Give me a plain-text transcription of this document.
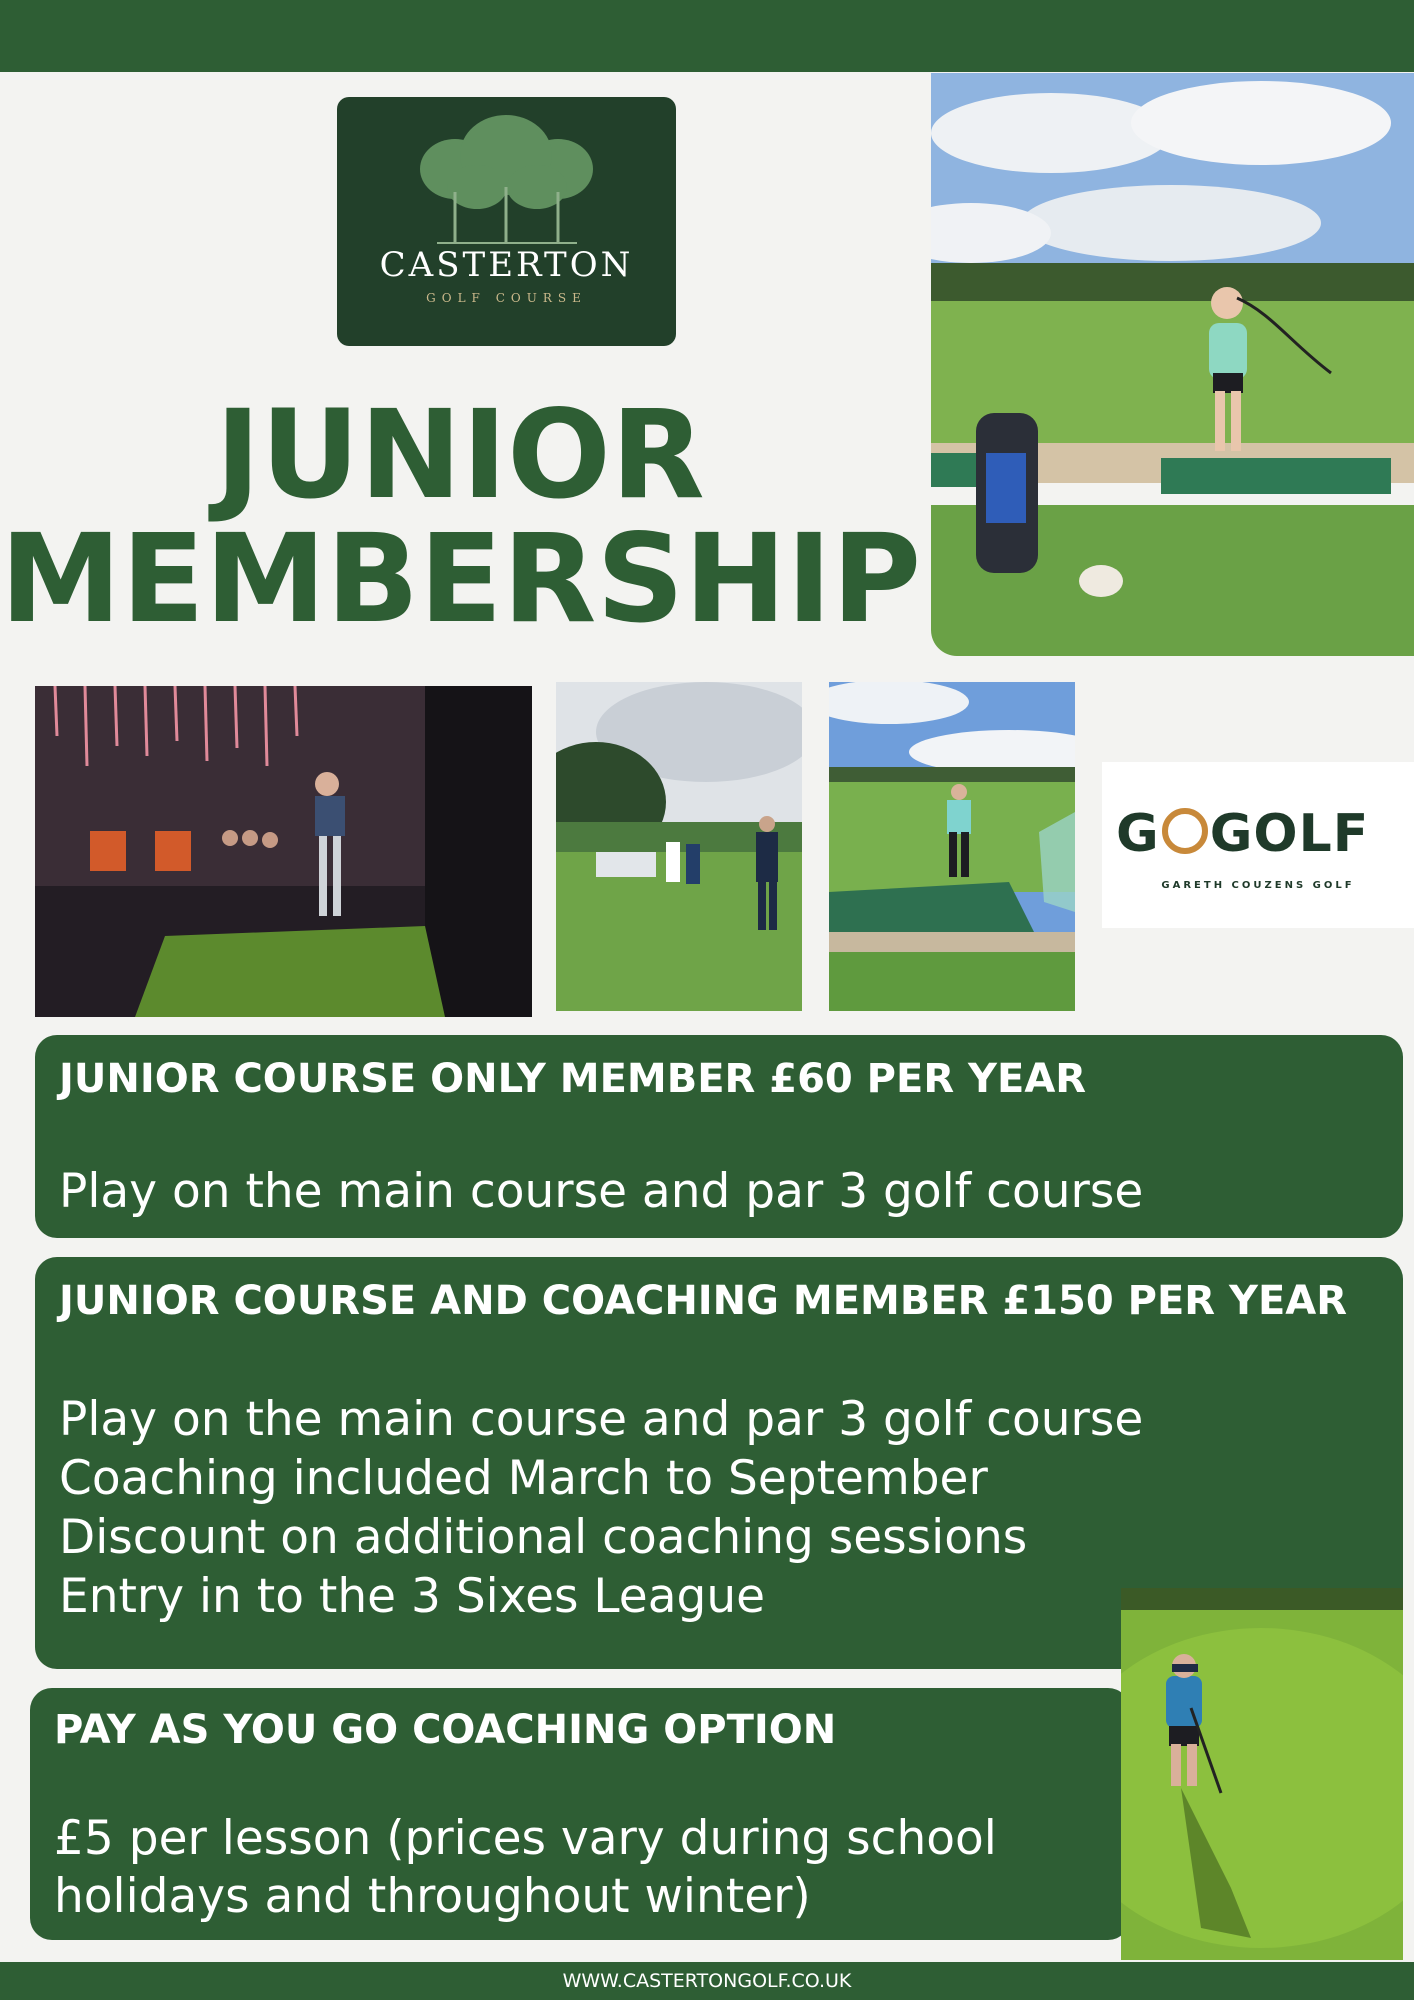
CASTERTON
GOLF COURSE
JUNIOR
MEMBERSHIP
G GOLF
GARETH COUZENS GOLF
JUNIOR COURSE ONLY MEMBER £60 PER YEAR
Play on the main course and par 3 golf course
JUNIOR COURSE AND COACHING MEMBER £150 PER YEAR
Play on the main course and par 3 golf course
Coaching included March to September
Discount on additional coaching sessions
Entry in to the 3 Sixes League
PAY AS YOU GO COACHING OPTION
£5 per lesson (prices vary during school
holidays and throughout winter)
WWW.CASTERTONGOLF.CO.UK
